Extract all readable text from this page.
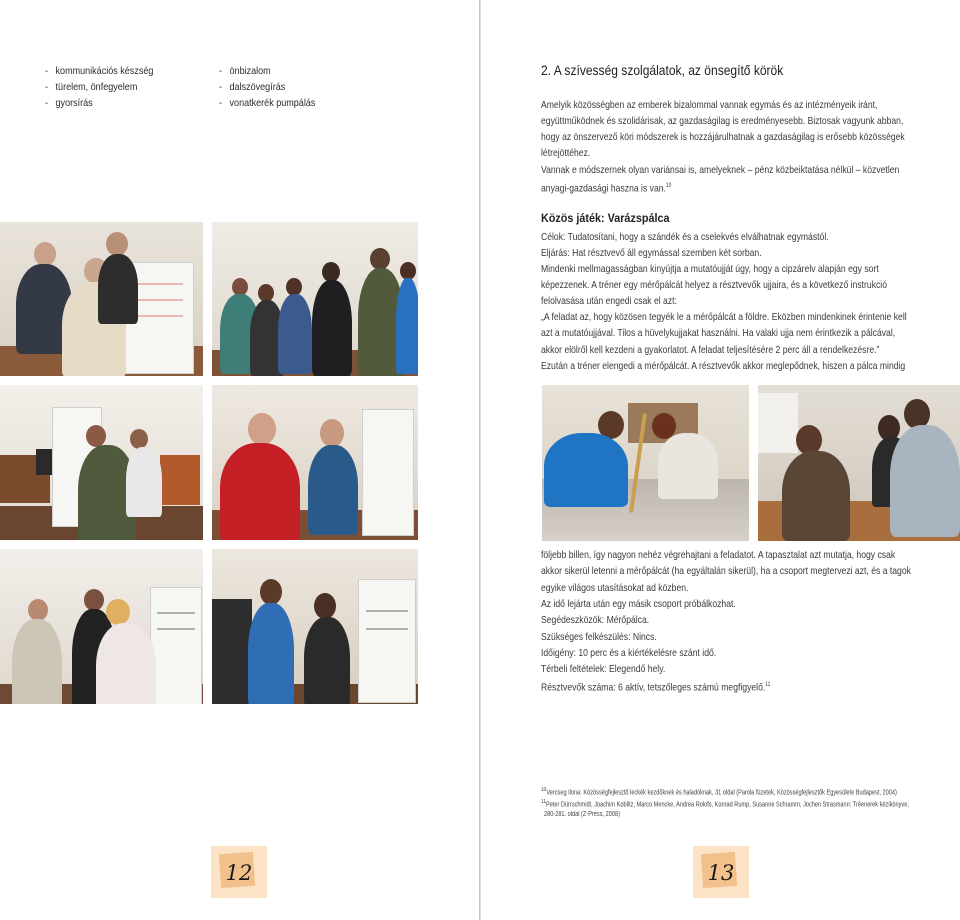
- kommunikációs készség
- türelem, önfegyelem
- gyorsírás
- önbizalom
- dalszövegírás
- vonatkerék pumpálás
12
2. A szívesség szolgálatok, az önsegítő körök

Amelyik közösségben az emberek bizalommal vannak egymás és az intézményeik iránt,

együttműködnek és szolidárisak, az gazdaságilag is eredményesebb. Biztosak vagyunk abban,

hogy az önszervező köri módszerek is hozzájárulhatnak a gazdaságilag is erősebb közösségek

létrejöttéhez.

Vannak e módszernek olyan variánsai is, amelyeknek – pénz közbeiktatása nélkül – közvetlen

anyagi-gazdasági haszna is van.$^{10}$

Közös játék: Varázspálca

Célok: Tudatosítani, hogy a szándék és a cselekvés elválhatnak egymástól.

Eljárás: Hat résztvevő áll egymással szemben két sorban.

Mindenki mellmagasságban kinyújtja a mutatóujját úgy, hogy a cipzárelv alapján egy sort

képezzenek. A tréner egy mérőpálcát helyez a résztvevők ujjaira, és a következő instrukció

felolvasása után engedi csak el azt:

„A feladat az, hogy közösen tegyék le a mérőpálcát a földre. Eközben mindenkinek érintenie kell

azt a mutatóujjával. Tilos a hüvelykujjakat használni. Ha valaki ujja nem érintkezik a pálcával,

akkor elölről kell kezdeni a gyakorlatot. A feladat teljesítésére 2 perc áll a rendelkezésre.”

Ezután a tréner elengedi a mérőpálcát. A résztvevők akkor meglepődnek, hiszen a pálca mindig

följebb billen, így nagyon nehéz végrehajtani a feladatot. A tapasztalat azt mutatja, hogy csak

akkor sikerül letenni a mérőpálcát (ha egyáltalán sikerül), ha a csoport megtervezi azt, és a tagok

egyike világos utasításokat ad közben.

Az idő lejárta után egy másik csoport próbálkozhat.

Segédeszközök: Mérőpálca.

Szükséges felkészülés: Nincs.

Időigény: 10 perc és a kiértékelésre szánt idő.

Térbeli feltételek: Elegendő hely.

Résztvevők száma: 6 aktív, tetszőleges számú megfigyelő.$^{11}$

$^{10}$Vercseg Ilona: Közösségfejlesztő leckék kezdőknek és haladóknak, 31 oldal (Parola füzetek, Közösségfejlesztők Egyesülete Budapest, 2004)

$^{11}$Peter Dürrschmidt, Joachim Koblitz, Marco Mencke, Andrea Rolofs, Konrad Rump, Susanne Schramm, Jochen Strasmann: Tréenerek kézikönyve,

280-281. oldal (Z-Press, 2008)

13
